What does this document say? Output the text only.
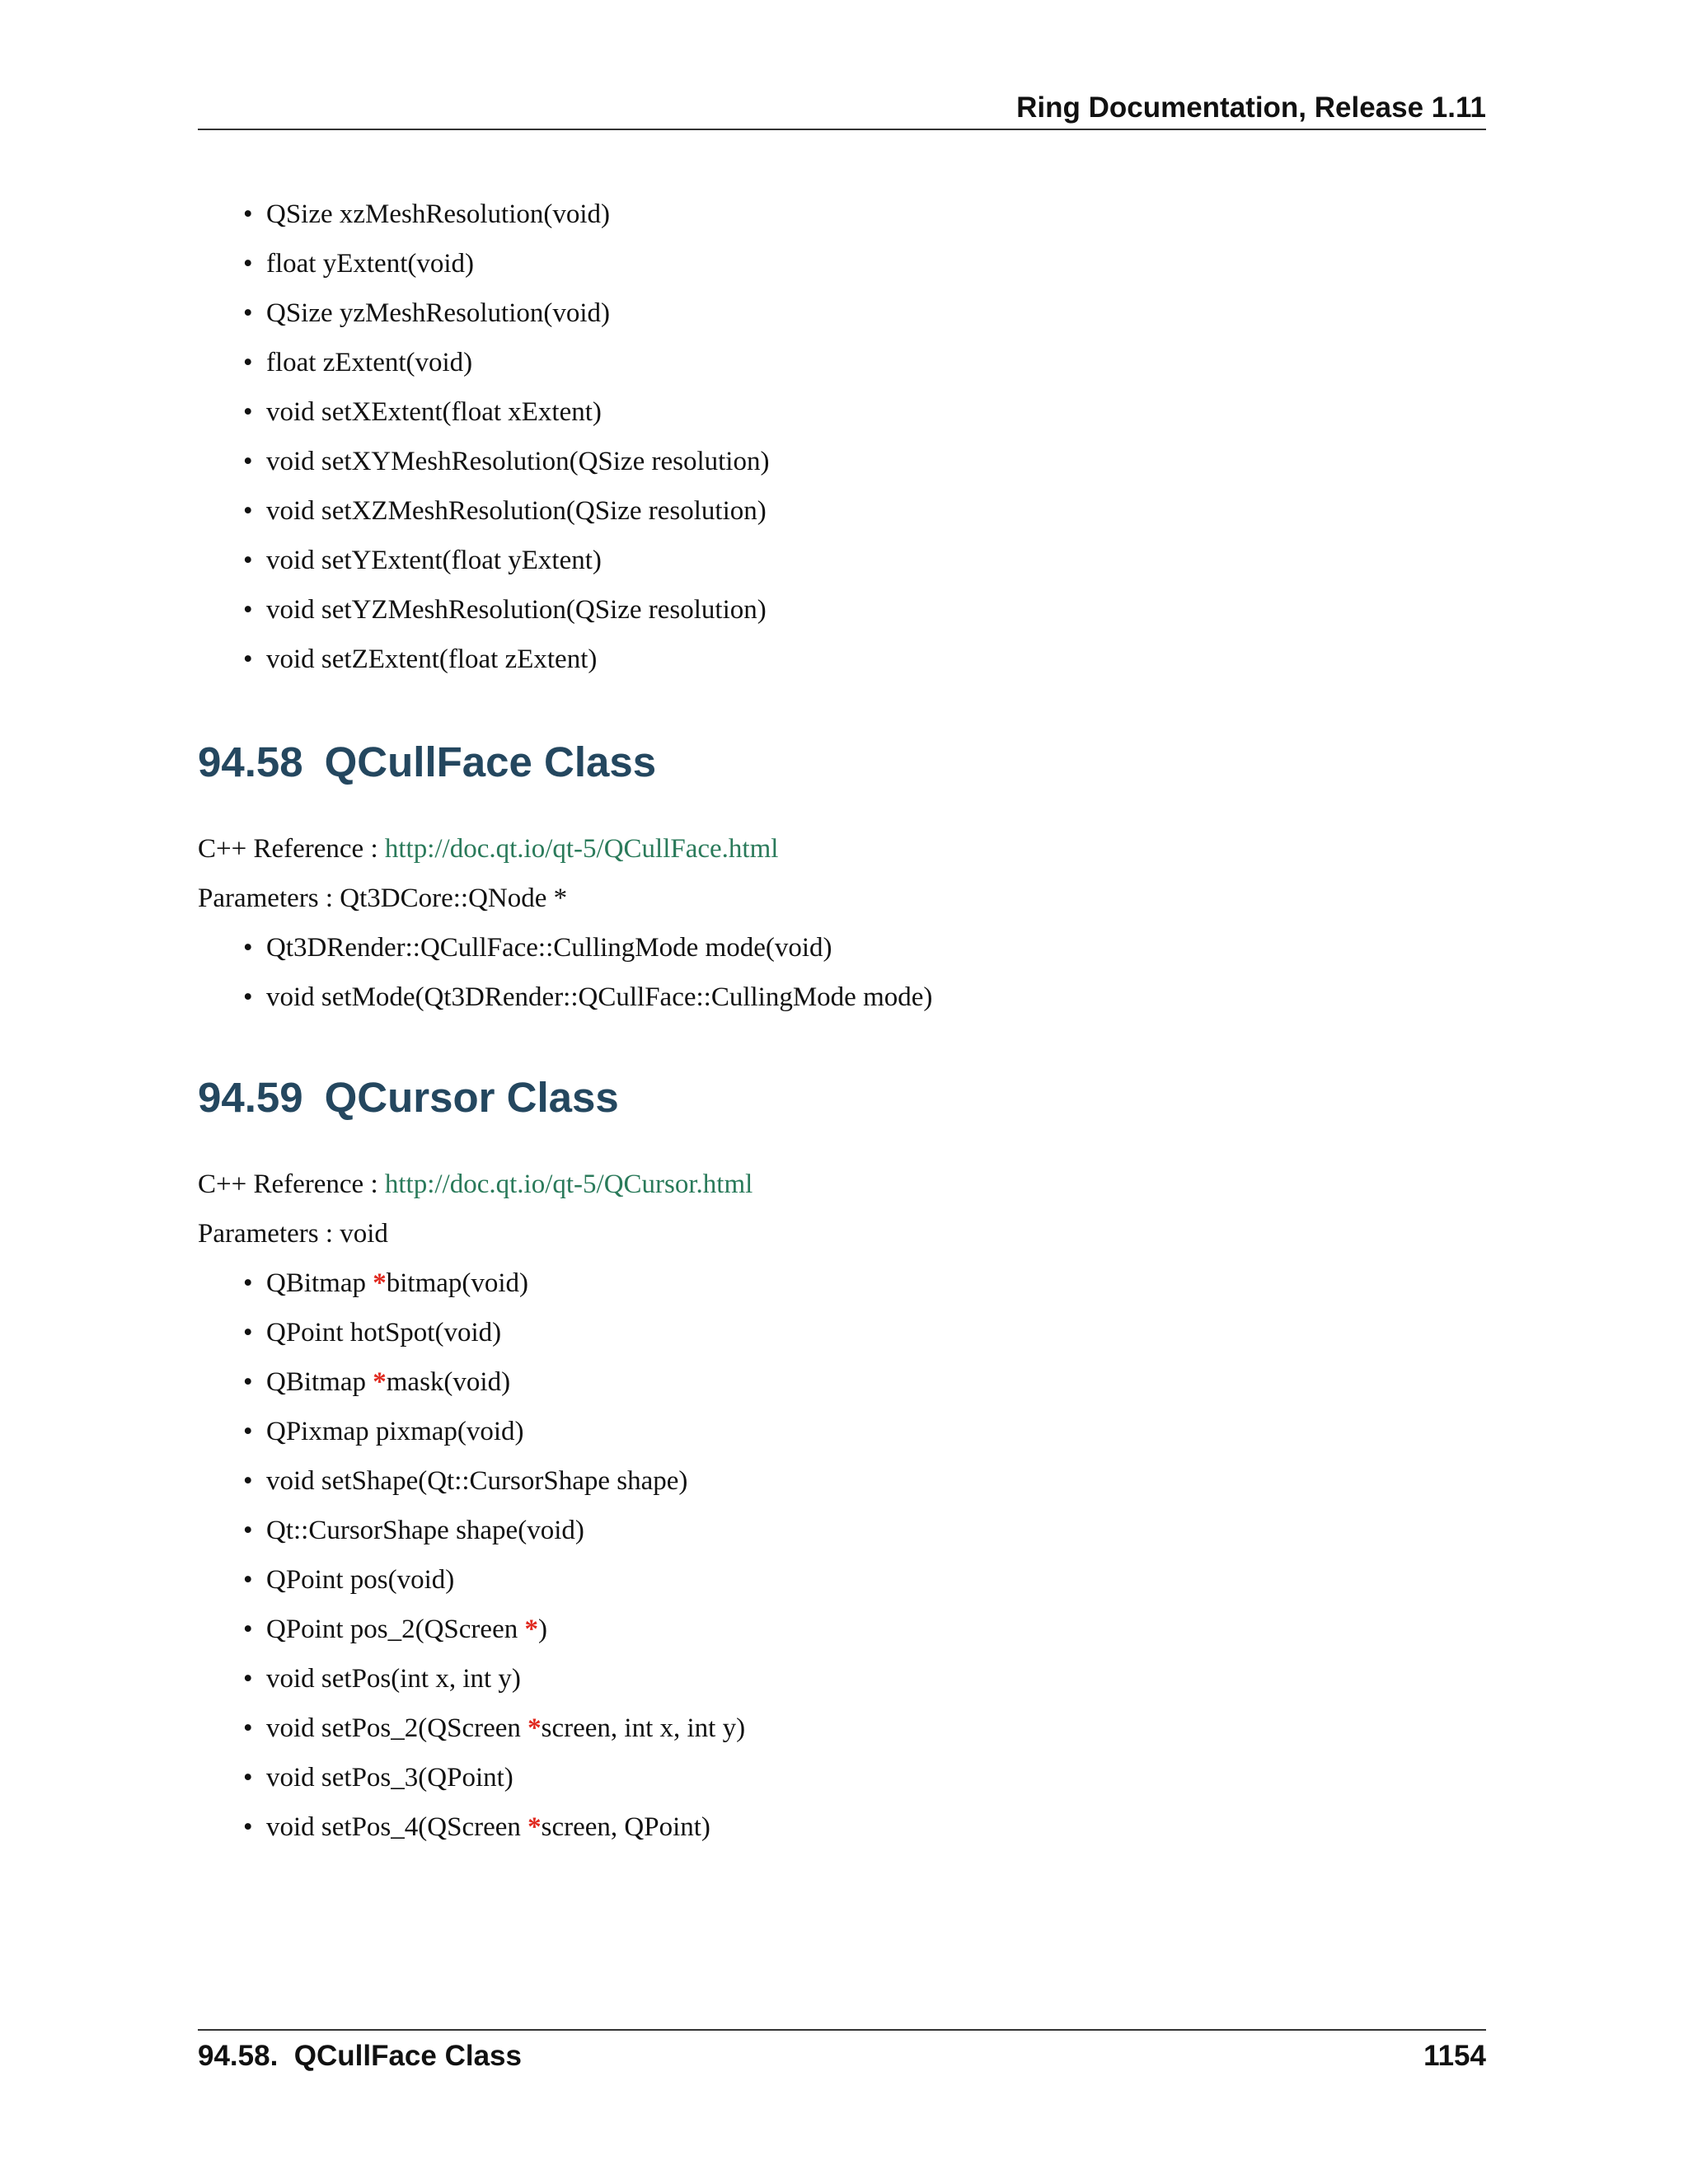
Ring Documentation, Release 1.11
• QSize xzMeshResolution(void)
• float yExtent(void)
• QSize yzMeshResolution(void)
• float zExtent(void)
• void setXExtent(float xExtent)
• void setXYMeshResolution(QSize resolution)
• void setXZMeshResolution(QSize resolution)
• void setYExtent(float yExtent)
• void setYZMeshResolution(QSize resolution)
• void setZExtent(float zExtent)
94.58 QCullFace Class

C++ Reference : http://doc.qt.io/qt-5/QCullFace.html

Parameters : Qt3DCore::QNode *

• Qt3DRender::QCullFace::CullingMode mode(void)
• void setMode(Qt3DRender::QCullFace::CullingMode mode)
94.59 QCursor Class

C++ Reference : http://doc.qt.io/qt-5/QCursor.html

Parameters : void

• QBitmap *bitmap(void)
• QPoint hotSpot(void)
• QBitmap *mask(void)
• QPixmap pixmap(void)
• void setShape(Qt::CursorShape shape)
• Qt::CursorShape shape(void)
• QPoint pos(void)
• QPoint pos_2(QScreen *)
• void setPos(int x, int y)
• void setPos_2(QScreen *screen, int x, int y)
• void setPos_3(QPoint)
• void setPos_4(QScreen *screen, QPoint)
94.58.  QCullFace Class	1154
